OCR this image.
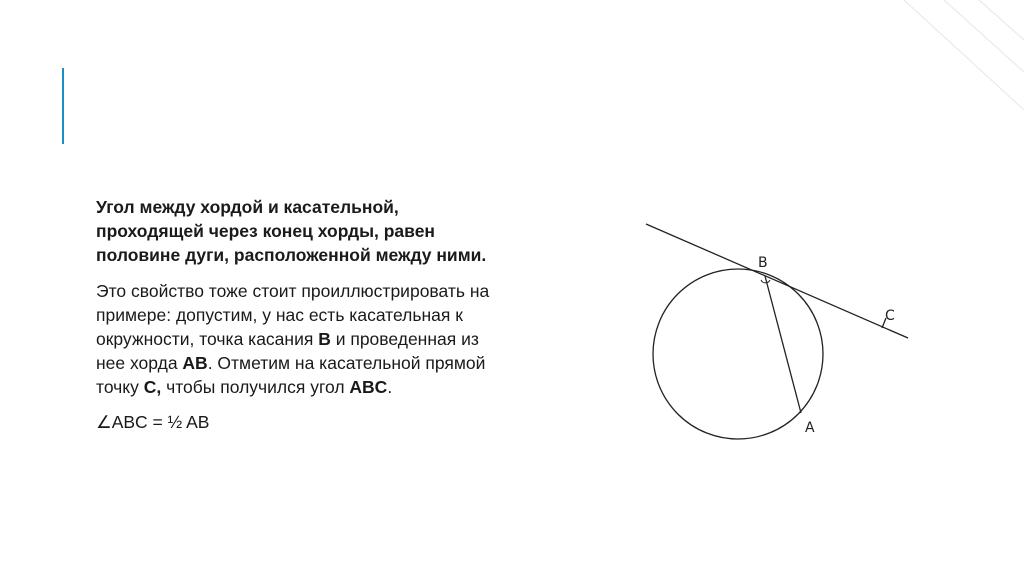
Угол между хордой и касательной,
проходящей через конец хорды, равен
половине дуги, расположенной между ними.

Это свойство тоже стоит проиллюстрировать на
примере: допустим, у нас есть касательная к
окружности, точка касания B и проведенная из
нее хорда AB. Отметим на касательной прямой
точку C, чтобы получился угол ABC.

∠ABC = ½ AB

B
C
A
